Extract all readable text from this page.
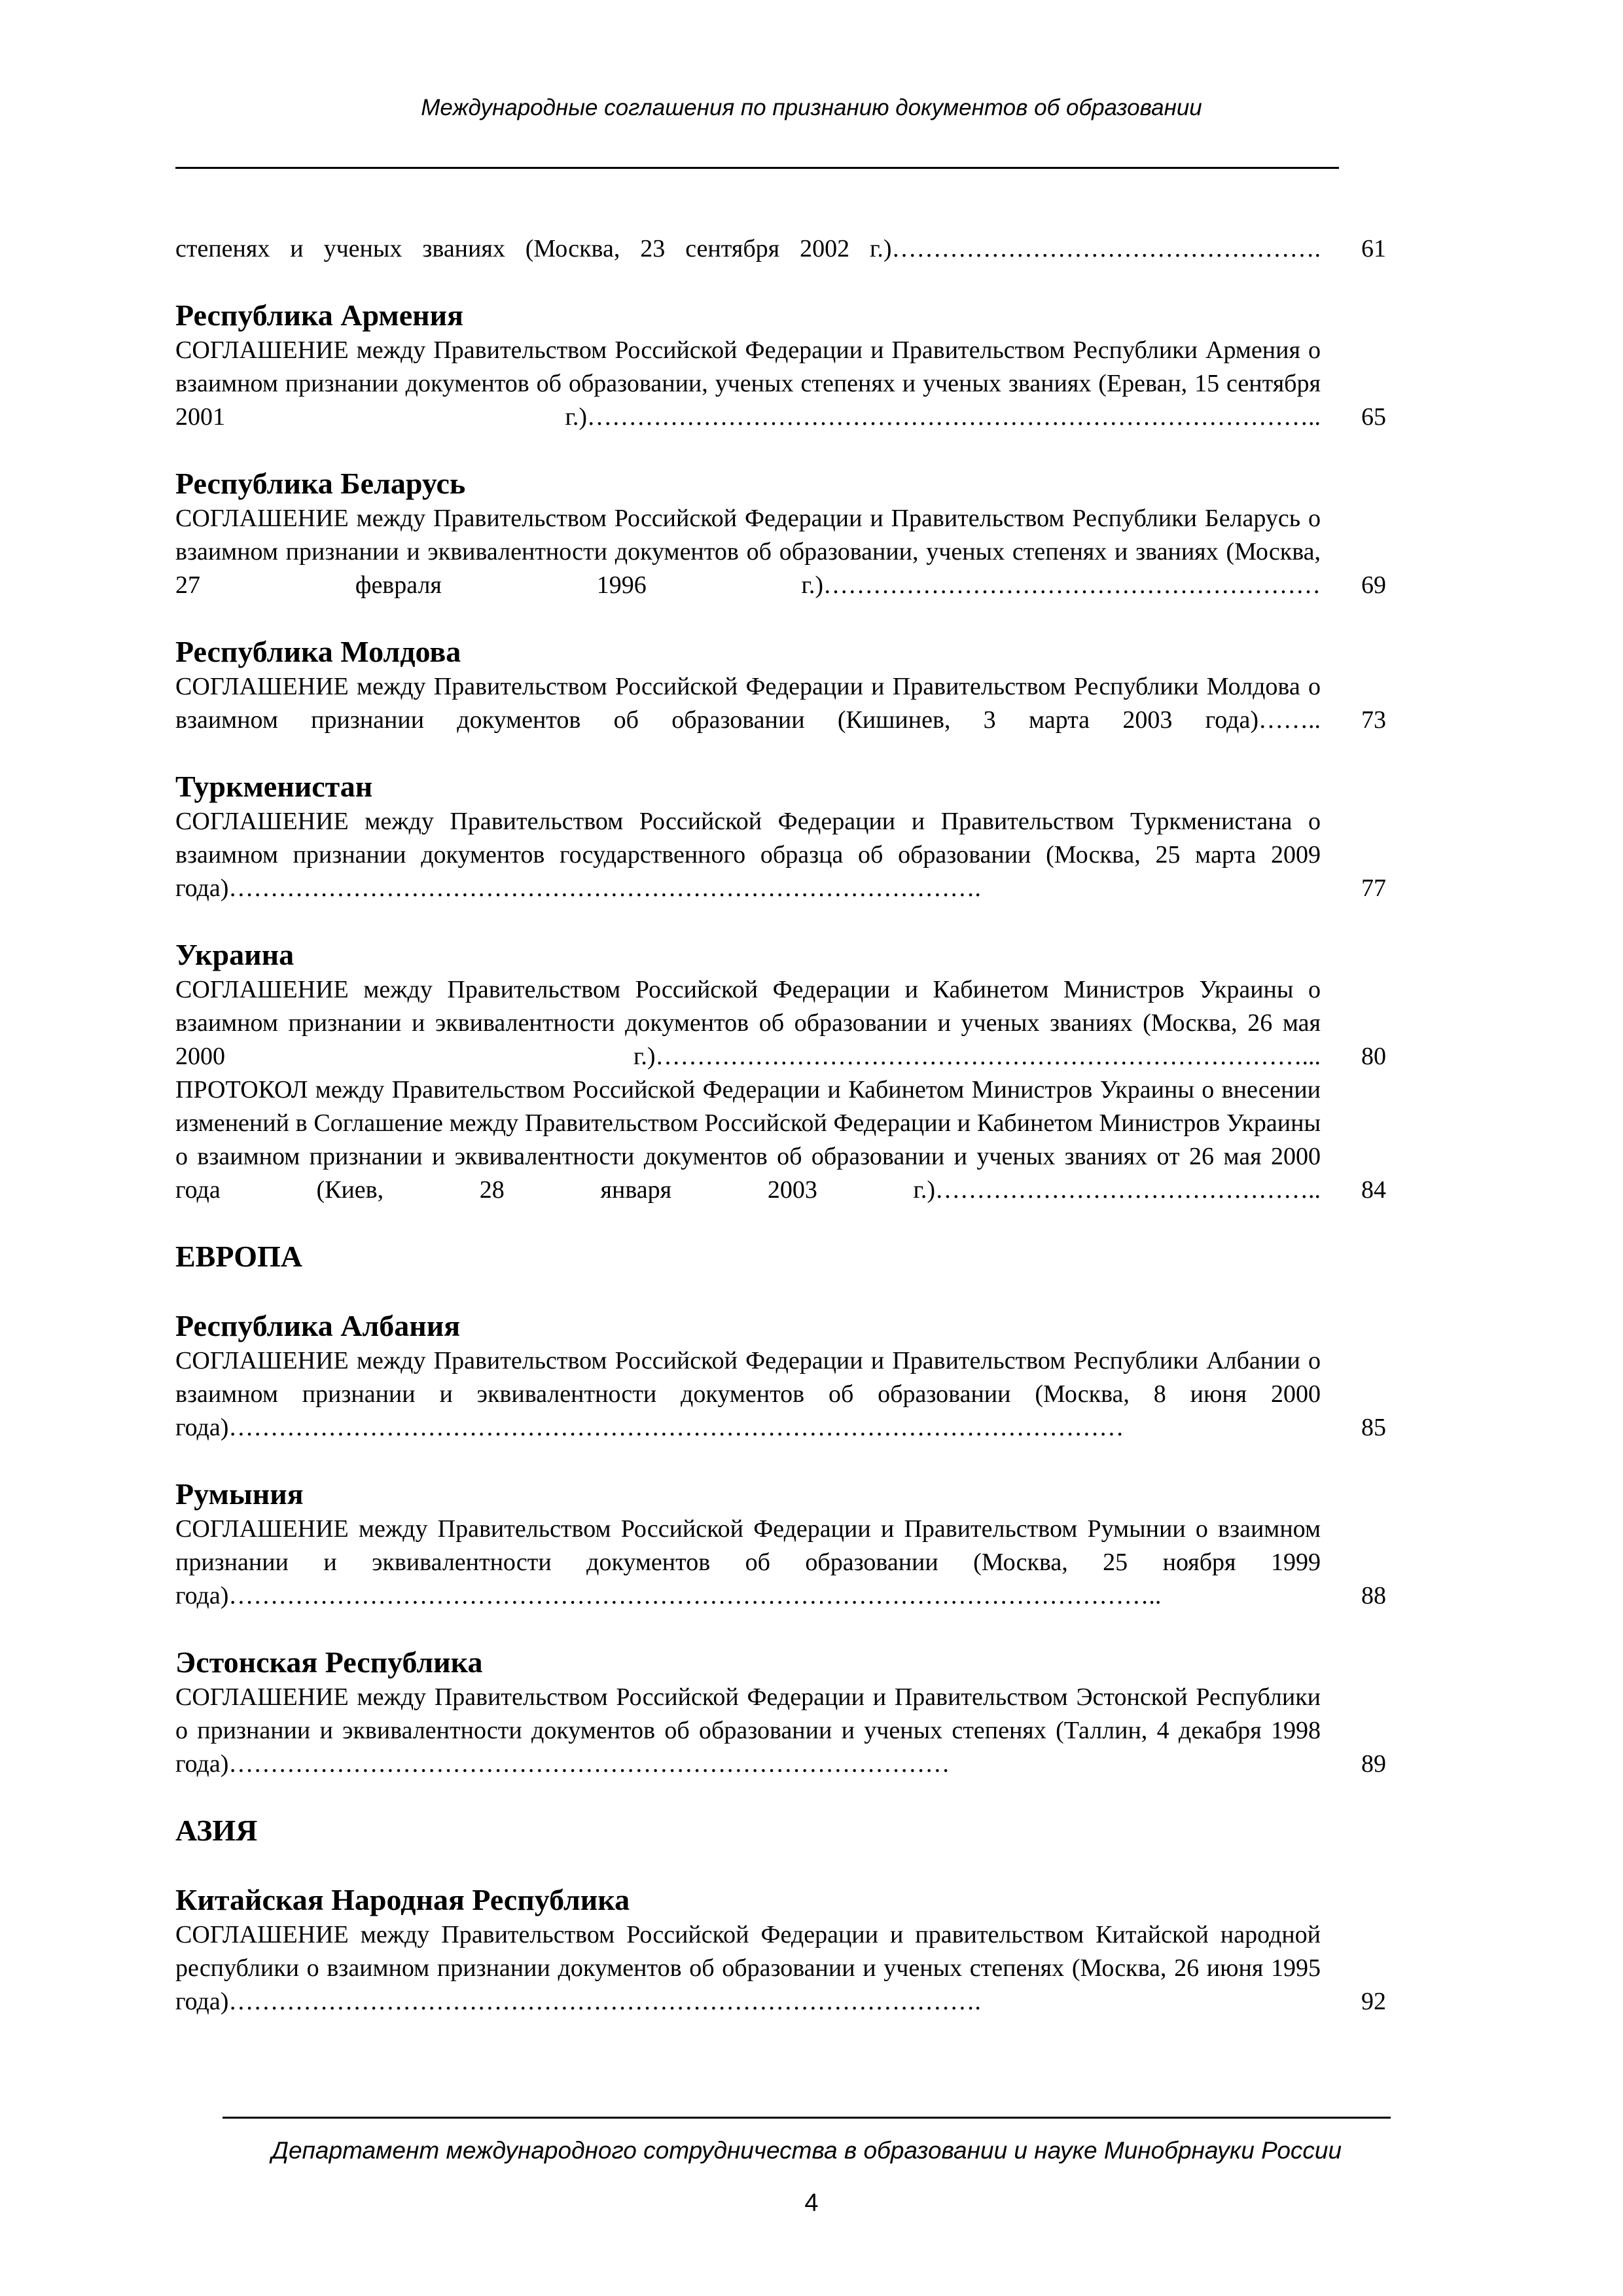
Международные соглашения по признанию документов об образовании
степенях и ученых званиях (Москва, 23 сентября 2002 г.)…………………………………………….	61
Республика Армения
СОГЛАШЕНИЕ между Правительством Российской Федерации и Правительством Республики Армения о взаимном признании документов об образовании, ученых степенях и ученых званиях (Ереван, 15 сентября 2001 г.)……………………………………………………………………………..	65
Республика Беларусь
СОГЛАШЕНИЕ между Правительством Российской Федерации и Правительством Республики Беларусь о взаимном признании и эквивалентности документов об образовании, ученых степенях и званиях (Москва, 27 февраля 1996 г.)……………………………………………………	69
Республика Молдова
СОГЛАШЕНИЕ между Правительством Российской Федерации и Правительством Республики Молдова о взаимном признании документов об образовании (Кишинев, 3 марта 2003 года)……..	73
Туркменистан
СОГЛАШЕНИЕ между Правительством Российской Федерации и Правительством Туркменистана о взаимном признании документов государственного образца об образовании (Москва, 25 марта 2009 года)……………………………………………………………………………….	77
Украина
СОГЛАШЕНИЕ между Правительством Российской Федерации и Кабинетом Министров Украины о взаимном признании и эквивалентности документов об образовании и ученых званиях (Москва, 26 мая 2000 г.)……………………………………………………………………...	80
ПРОТОКОЛ между Правительством Российской Федерации и Кабинетом Министров Украины о внесении изменений в Соглашение между Правительством Российской Федерации и Кабинетом Министров Украины о взаимном признании и эквивалентности документов об образовании и ученых званиях от 26 мая 2000 года (Киев, 28 января 2003 г.)………………………………………..	84
ЕВРОПА
Республика Албания
СОГЛАШЕНИЕ между Правительством Российской Федерации и Правительством Республики Албании о взаимном признании и эквивалентности документов об образовании (Москва, 8 июня 2000 года)………………………………………………………………………………………………	85
Румыния
СОГЛАШЕНИЕ между Правительством Российской Федерации и Правительством Румынии о взаимном признании и эквивалентности документов об образовании (Москва, 25 ноября 1999 года)…………………………………………………………………………………………………..	88
Эстонская Республика
СОГЛАШЕНИЕ между Правительством Российской Федерации и Правительством Эстонской Республики о признании и эквивалентности документов об образовании и ученых степенях (Таллин, 4 декабря 1998 года)……………………………………………………………………………	89
АЗИЯ
Китайская Народная Республика
СОГЛАШЕНИЕ между Правительством Российской Федерации и правительством Китайской народной республики о взаимном признании документов об образовании и ученых степенях (Москва, 26 июня 1995 года)……………………………………………………………………………….	92
Департамент международного сотрудничества в образовании и науке Минобрнауки России
4
